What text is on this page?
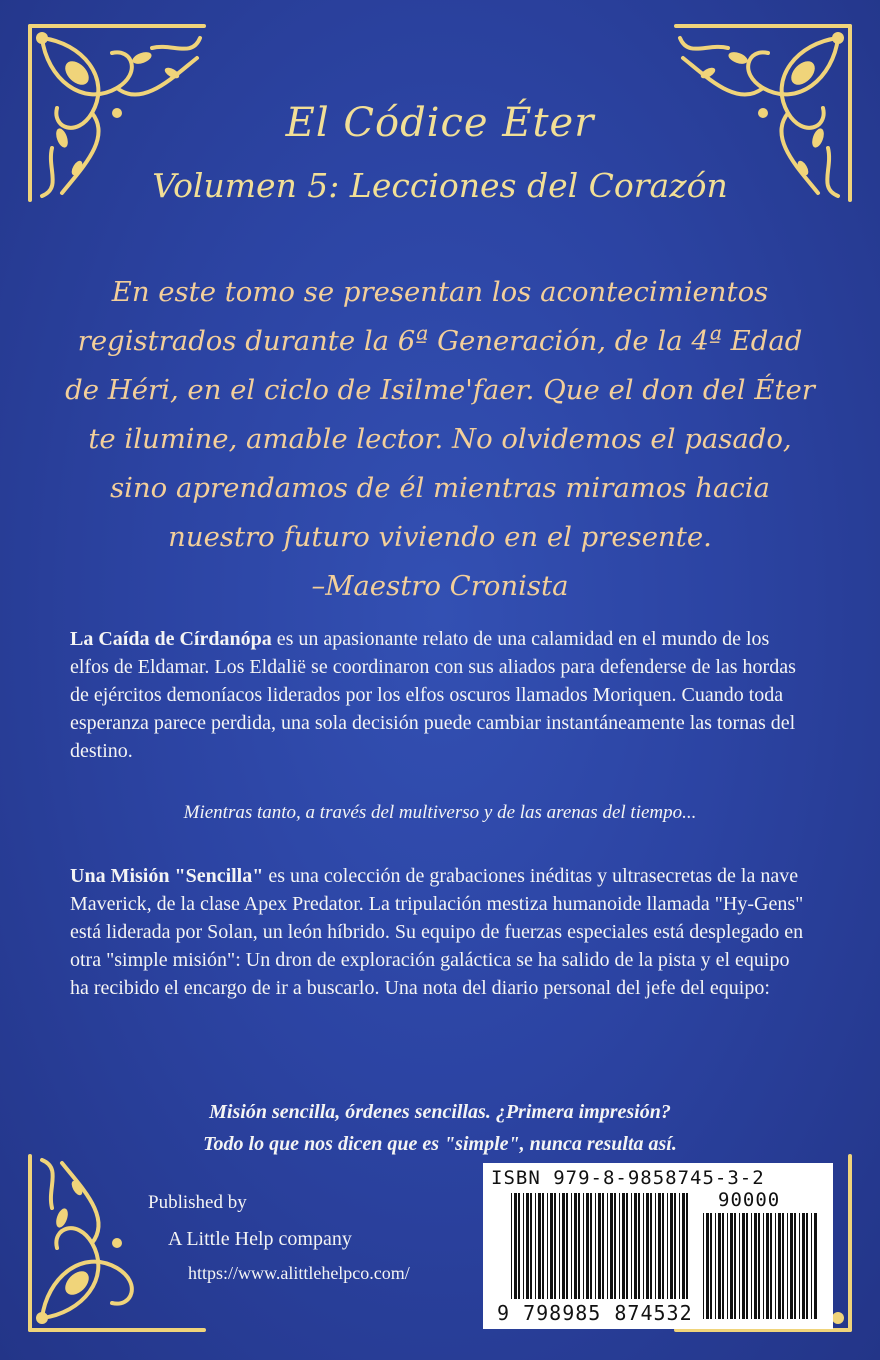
El Códice Éter
Volumen 5: Lecciones del Corazón
En este tomo se presentan los acontecimientos
registrados durante la 6ª Generación, de la 4ª Edad
de Héri, en el ciclo de Isilme'faer. Que el don del Éter
te ilumine, amable lector. No olvidemos el pasado,
sino aprendamos de él mientras miramos hacia
nuestro futuro viviendo en el presente.
–Maestro Cronista
La Caída de Círdanópa es un apasionante relato de una calamidad en el mundo de los elfos de Eldamar. Los Eldalië se coordinaron con sus aliados para defenderse de las hordas de ejércitos demoníacos liderados por los elfos oscuros llamados Moriquen. Cuando toda esperanza parece perdida, una sola decisión puede cambiar instantáneamente las tornas del destino.
Mientras tanto, a través del multiverso y de las arenas del tiempo...
Una Misión "Sencilla" es una colección de grabaciones inéditas y ultrasecretas de la nave Maverick, de la clase Apex Predator. La tripulación mestiza humanoide llamada "Hy-Gens" está liderada por Solan, un león híbrido. Su equipo de fuerzas especiales está desplegado en otra "simple misión": Un dron de exploración galáctica se ha salido de la pista y el equipo ha recibido el encargo de ir a buscarlo. Una nota del diario personal del jefe del equipo:
Misión sencilla, órdenes sencillas. ¿Primera impresión?
Todo lo que nos dicen que es "simple", nunca resulta así.
Published by
A Little Help company
https://www.alittlehelpco.com/
ISBN 979-8-9858745-3-2
90000
9 798985 874532
